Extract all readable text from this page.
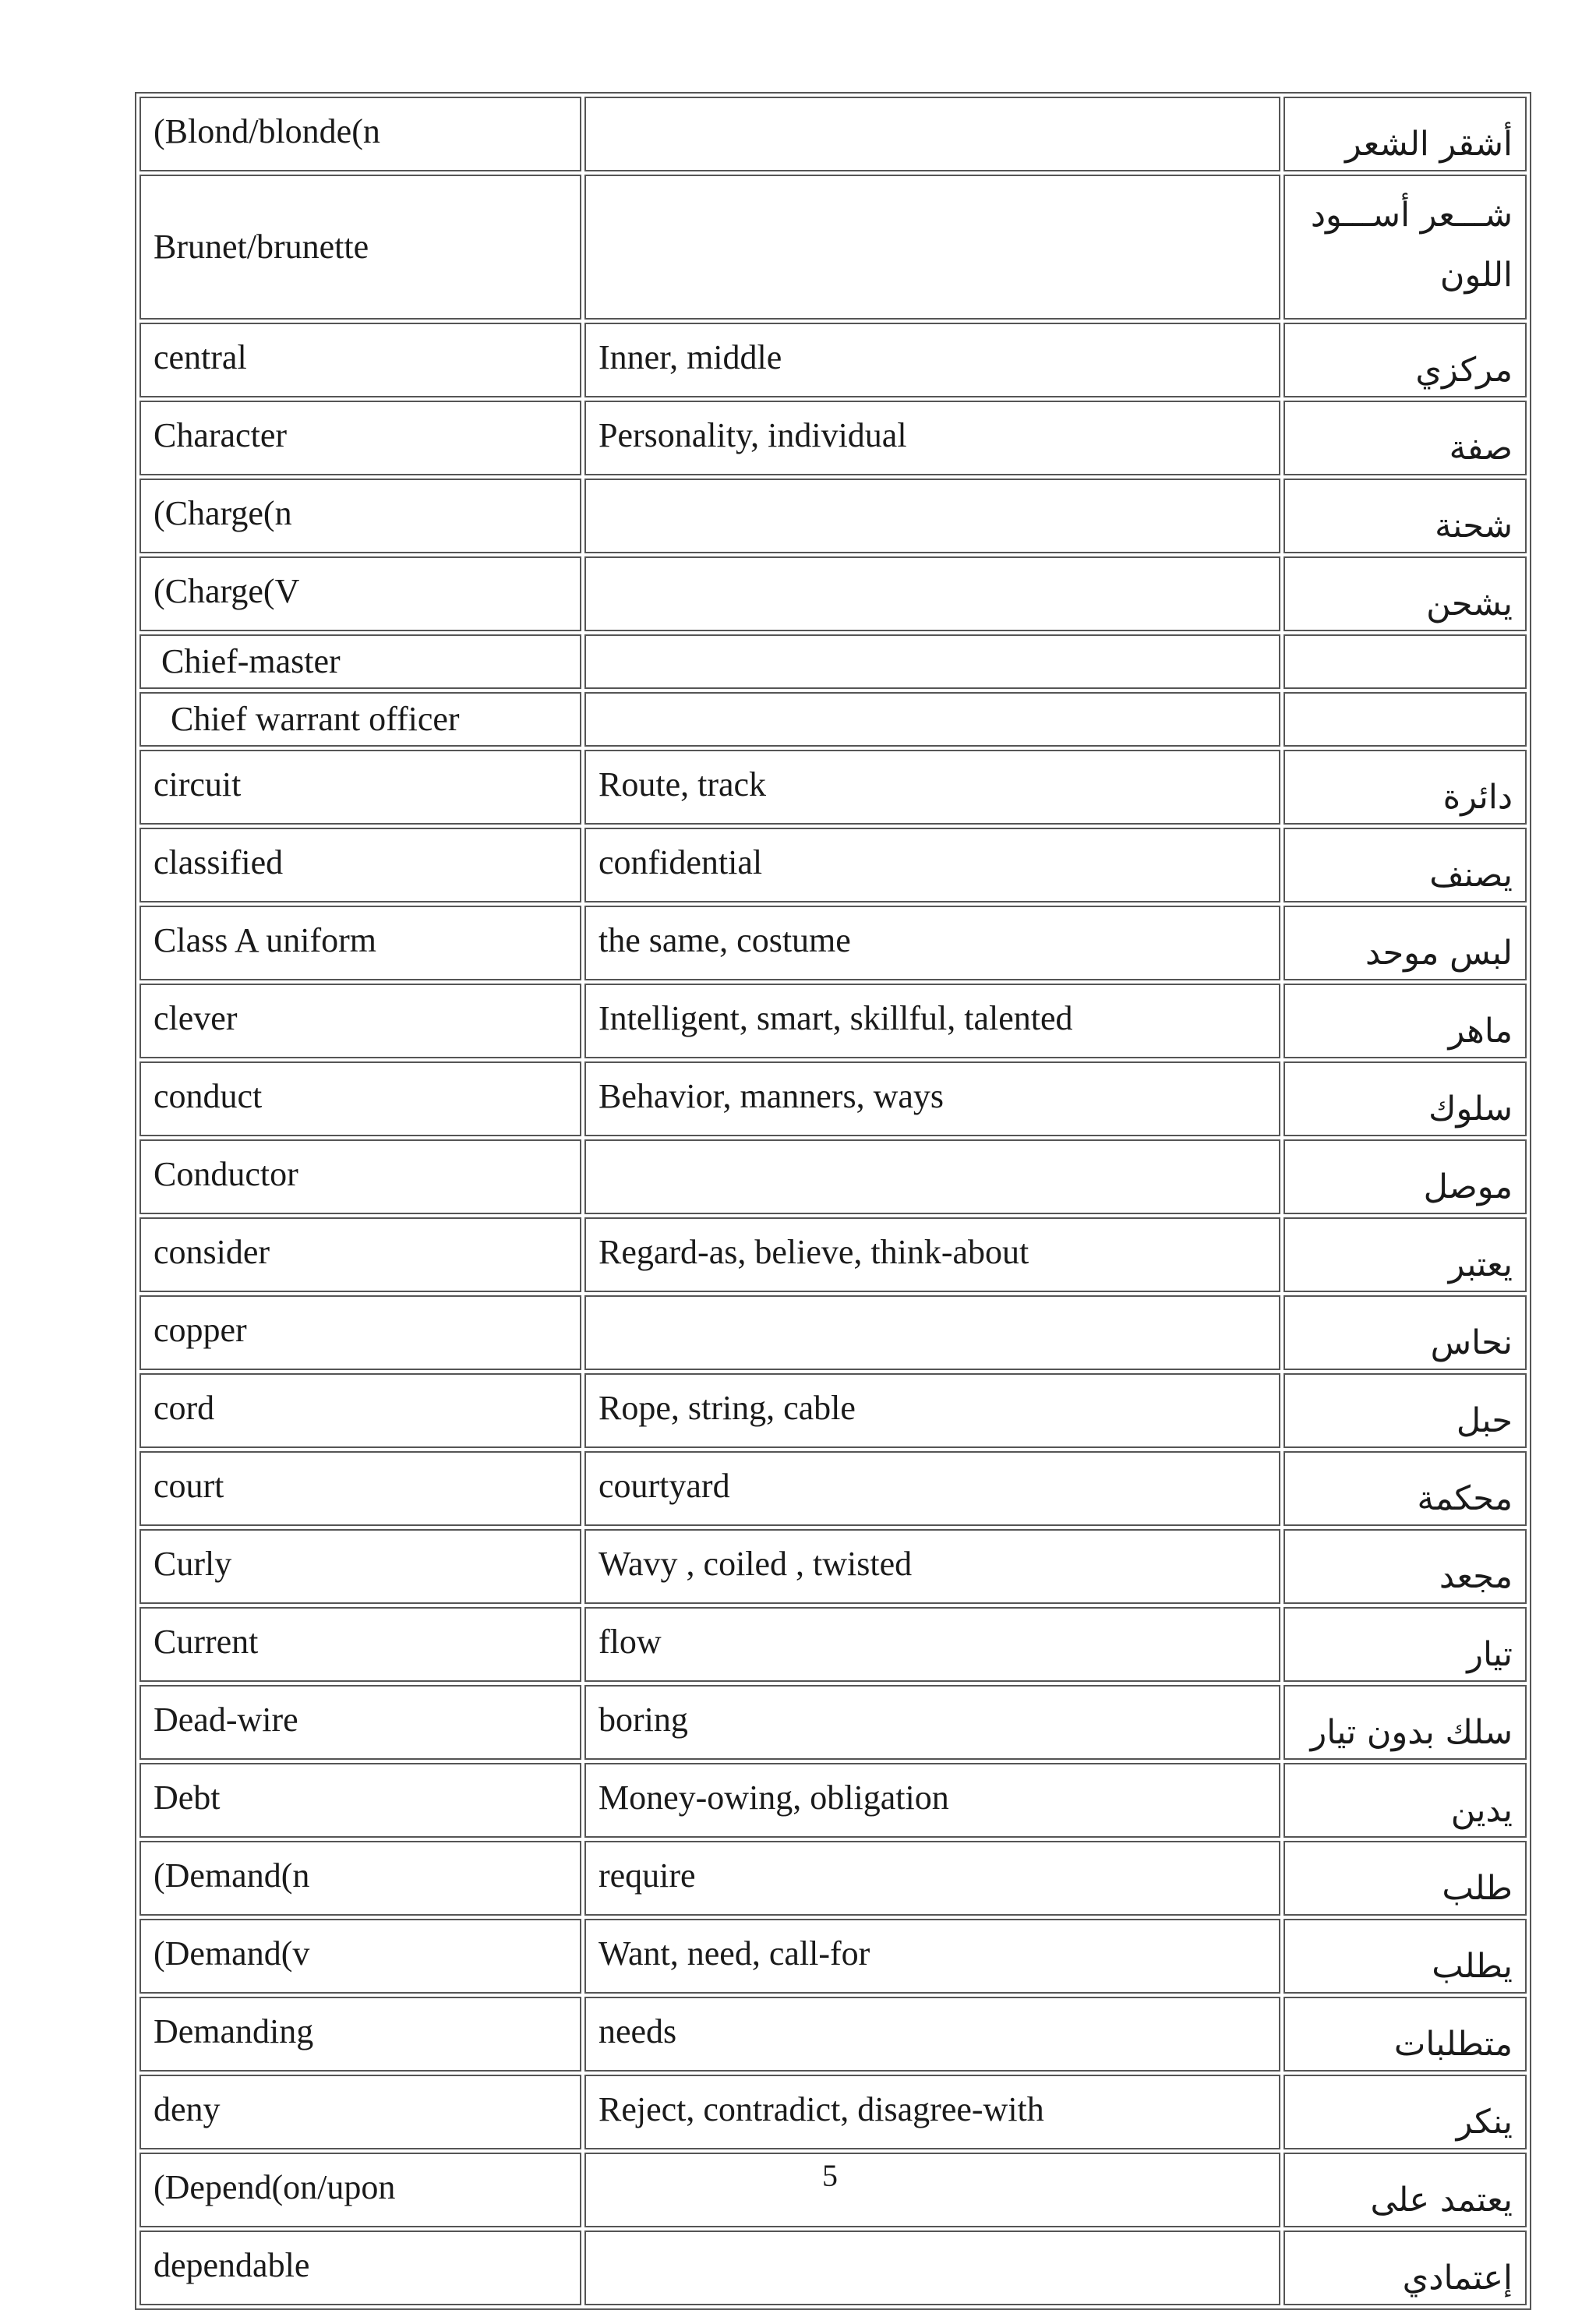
(Blond/blonde(n		أشقر الشعر
Brunet/brunette		شـــعر أســـود اللون
central	Inner, middle	مركزي
Character	Personality, individual	صفة
(Charge(n		شحنة
(Charge(V		يشحن
Chief-master		
Chief warrant officer		
circuit	Route, track	دائرة
classified	confidential	يصنف
Class A uniform	the same, costume	لبس موحد
clever	Intelligent, smart, skillful, talented	ماهر
conduct	Behavior, manners, ways	سلوك
Conductor		موصل
consider	Regard-as, believe, think-about	يعتبر
copper		نحاس
cord	Rope, string, cable	حبل
court	courtyard	محكمة
Curly	Wavy , coiled , twisted	مجعد
Current	flow	تيار
Dead-wire	boring	سلك بدون تيار
Debt	Money-owing, obligation	يدين
(Demand(n	require	طلب
(Demand(v	Want, need, call-for	يطلب
Demanding	needs	متطلبات
deny	Reject, contradict, disagree-with	ينكر
(Depend(on/upon		يعتمد على
dependable		إعتمادي
5
